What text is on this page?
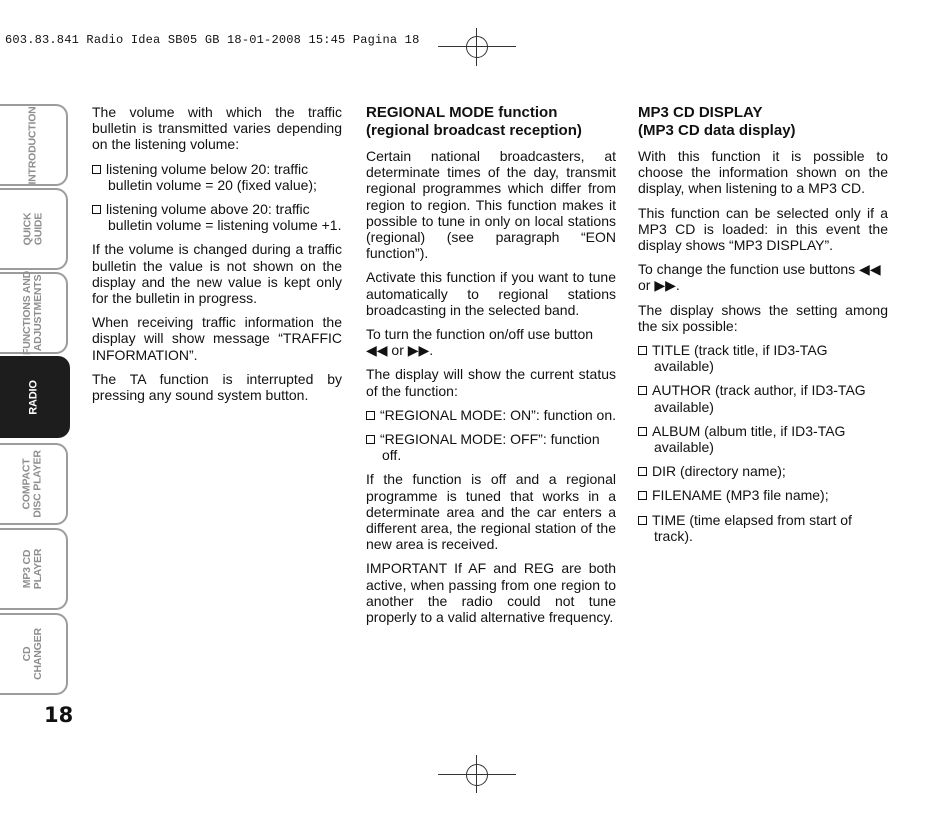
603.83.841 Radio Idea SB05 GB 18-01-2008 15:45 Pagina 18
INTRODUCTION
QUICK
GUIDE
FUNCTIONS AND
ADJUSTMENTS
RADIO
COMPACT
DISC PLAYER
MP3 CD
PLAYER
CD
CHANGER
18

The volume with which the traffic bulletin is transmitted varies depending on the listening volume:

listening volume below 20: traffic bulletin volume = 20 (fixed value);

listening volume above 20: traffic bulletin volume = listening volume +1.

If the volume is changed during a traffic bulletin the value is not shown on the display and the new value is kept only for the bulletin in progress.

When receiving traffic information the display will show message “TRAFFIC INFORMATION”.

The TA function is interrupted by pressing any sound system button.

REGIONAL MODE function
(regional broadcast reception)

Certain national broadcasters, at determinate times of the day, transmit regional programmes which differ from region to region. This function makes it possible to tune in only on local stations (regional) (see paragraph “EON function”).

Activate this function if you want to tune automatically to regional stations broadcasting in the selected band.

To turn the function on/off use button ◀◀ or ▶▶.

The display will show the current status of the function:

“REGIONAL MODE: ON”: function on.

“REGIONAL MODE: OFF”: function off.

If the function is off and a regional programme is tuned that works in a determinate area and the car enters a different area, the regional station of the new area is received.

IMPORTANT If AF and REG are both active, when passing from one region to another the radio could not tune properly to a valid alternative frequency.

MP3 CD DISPLAY
(MP3 CD data display)

With this function it is possible to choose the information shown on the display, when listening to a MP3 CD.

This function can be selected only if a MP3 CD is loaded: in this event the display shows “MP3 DISPLAY”.

To change the function use buttons ◀◀ or ▶▶.

The display shows the setting among the six possible:

TITLE (track title, if ID3-TAG available)

AUTHOR (track author, if ID3-TAG available)

ALBUM (album title, if ID3-TAG available)

DIR (directory name);

FILENAME (MP3 file name);

TIME (time elapsed from start of track).
